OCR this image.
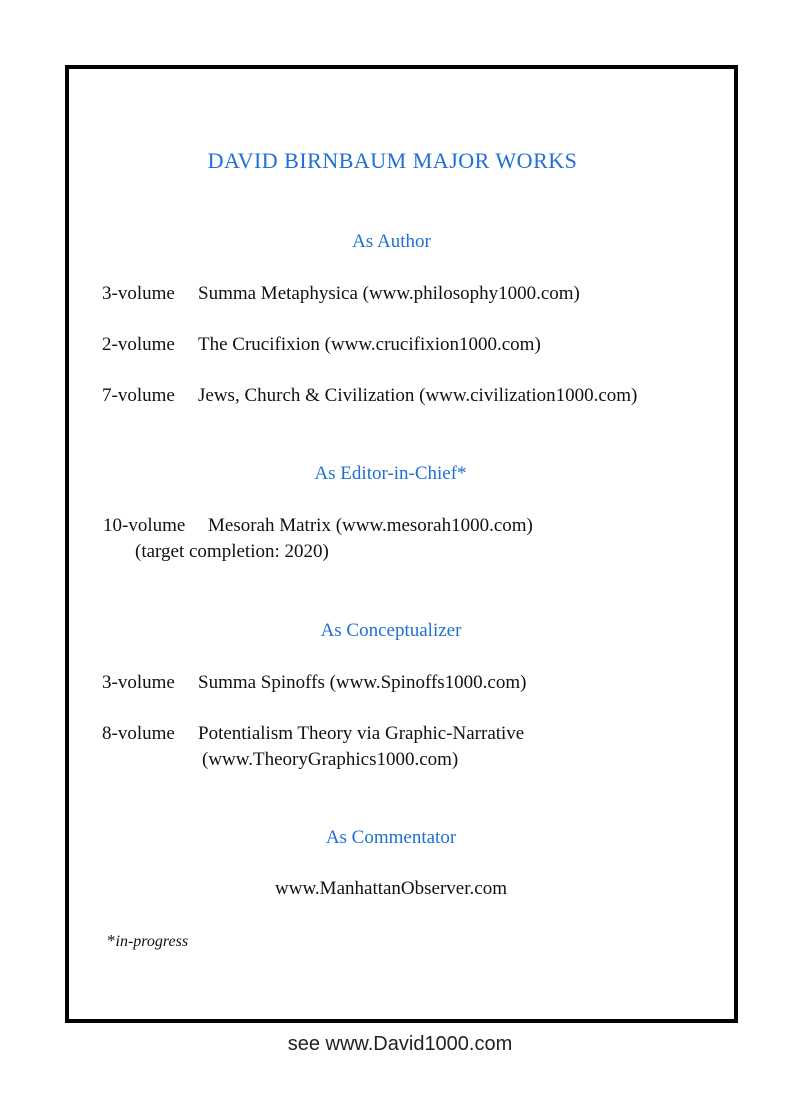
DAVID BIRNBAUM MAJOR WORKS
As Author
3-volume Summa Metaphysica (www.philosophy1000.com)
2-volume The Crucifixion (www.crucifixion1000.com)
7-volume Jews, Church & Civilization (www.civilization1000.com)
As Editor-in-Chief*
10-volume Mesorah Matrix (www.mesorah1000.com)
(target completion: 2020)
As Conceptualizer
3-volume Summa Spinoffs (www.Spinoffs1000.com)
8-volume Potentialism Theory via Graphic-Narrative
(www.TheoryGraphics1000.com)
As Commentator
www.ManhattanObserver.com
*in-progress
see www.David1000.com
